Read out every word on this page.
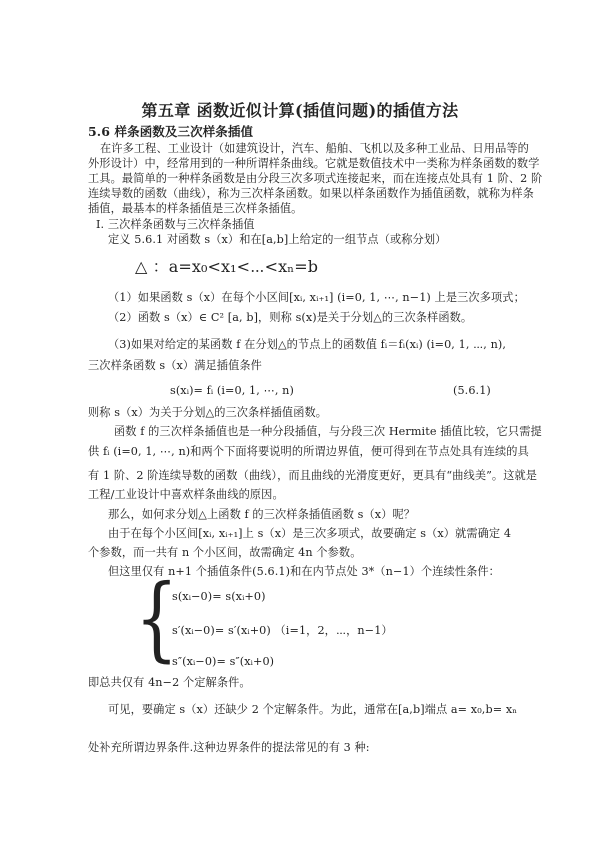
第五章 函数近似计算(插值问题)的插值方法
5.6 样条函数及三次样条插值
在许多工程、工业设计（如建筑设计，汽车、船舶、飞机以及多种工业品、日用品等的
外形设计）中，经常用到的一种所谓样条曲线。它就是数值技术中一类称为样条函数的数学
工具。最简单的一种样条函数是由分段三次多项式连接起来，而在连接点处具有 1 阶、2 阶
连续导数的函数（曲线），称为三次样条函数。如果以样条函数作为插值函数，就称为样条
插值，最基本的样条插值是三次样条插值。
I. 三次样条函数与三次样条插值
定义 5.6.1 对函数 s（x）和在[a,b]上给定的一组节点（或称分划）
△ ：a=x₀<x₁<⋯<xₙ=b
（1）如果函数 s（x）在每个小区间[xᵢ, xᵢ₊₁] (i=0, 1, ⋯, n−1) 上是三次多项式；
（2）函数 s（x）∈ C² [a, b]，则称 s(x)是关于分划△的三次条样函数。
（3)如果对给定的某函数 f 在分划△的节点上的函数值 fᵢ＝fᵢ(xᵢ) (i=0, 1, ⋯, n),
三次样条函数 s（x）满足插值条件
s(xᵢ)= fᵢ (i=0, 1, ⋯, n)	(5.6.1)
则称 s（x）为关于分划△的三次条样插值函数。
函数 f 的三次样条插值也是一种分段插值，与分段三次 Hermite 插值比较，它只需提
供 fᵢ (i=0, 1, ⋯, n)和两个下面将要说明的所谓边界值，便可得到在节点处具有连续的具
有 1 阶、2 阶连续导数的函数（曲线），而且曲线的光滑度更好，更具有“曲线美”。这就是
工程/工业设计中喜欢样条曲线的原因。
那么，如何求分划△上函数 f 的三次样条插值函数 s（x）呢？
由于在每个小区间[xᵢ, xᵢ₊₁]上 s（x）是三次多项式，故要确定 s（x）就需确定 4
个参数，而一共有 n 个小区间，故需确定 4n 个参数。
但这里仅有 n+1 个插值条件(5.6.1)和在内节点处 3*（n−1）个连续性条件：
{
s(xᵢ−0)= s(xᵢ+0)
s′(xᵢ−0)= s′(xᵢ+0) （i=1，2，⋯，n−1）
s″(xᵢ−0)= s″(xᵢ+0)
即总共仅有 4n−2 个定解条件。
可见，要确定 s（x）还缺少 2 个定解条件。为此，通常在[a,b]端点 a= x₀,b= xₙ
处补充所谓边界条件.这种边界条件的提法常见的有 3 种:
